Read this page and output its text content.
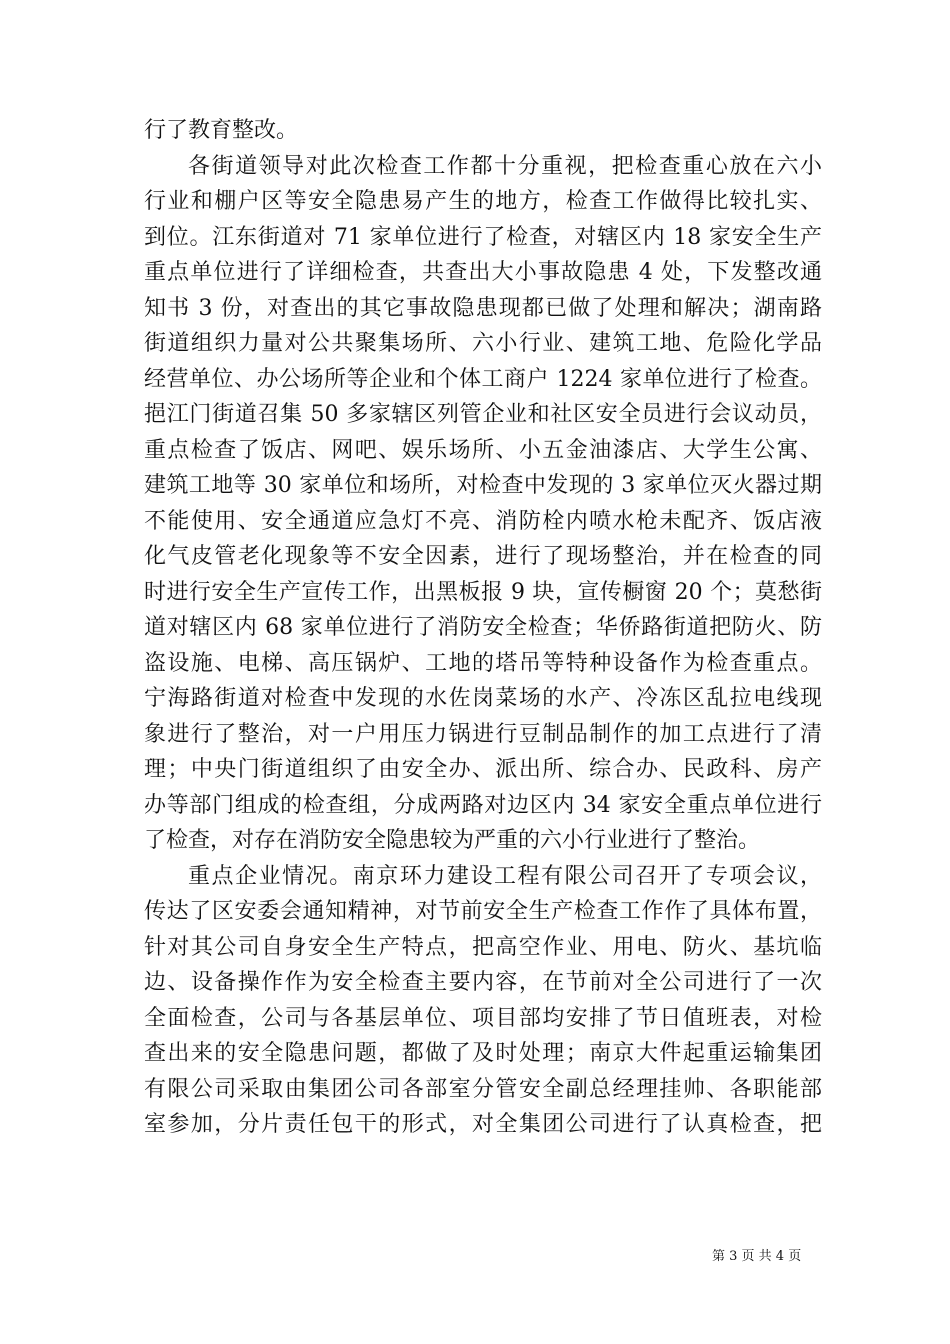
行了教育整改。
各街道领导对此次检查工作都十分重视，把检查重心放在六小
行业和棚户区等安全隐患易产生的地方，检查工作做得比较扎实、
到位。江东街道对 71 家单位进行了检查，对辖区内 18 家安全生产
重点单位进行了详细检查，共查出大小事故隐患 4 处，下发整改通
知书 3 份，对查出的其它事故隐患现都已做了处理和解决；湖南路
街道组织力量对公共聚集场所、六小行业、建筑工地、危险化学品
经营单位、办公场所等企业和个体工商户 1224 家单位进行了检查。
挹江门街道召集 50 多家辖区列管企业和社区安全员进行会议动员，
重点检查了饭店、网吧、娱乐场所、小五金油漆店、大学生公寓、
建筑工地等 30 家单位和场所，对检查中发现的 3 家单位灭火器过期
不能使用、安全通道应急灯不亮、消防栓内喷水枪未配齐、饭店液
化气皮管老化现象等不安全因素，进行了现场整治，并在检查的同
时进行安全生产宣传工作，出黑板报 9 块，宣传橱窗 20 个；莫愁街
道对辖区内 68 家单位进行了消防安全检查；华侨路街道把防火、防
盗设施、电梯、高压锅炉、工地的塔吊等特种设备作为检查重点。
宁海路街道对检查中发现的水佐岗菜场的水产、冷冻区乱拉电线现
象进行了整治，对一户用压力锅进行豆制品制作的加工点进行了清
理；中央门街道组织了由安全办、派出所、综合办、民政科、房产
办等部门组成的检查组，分成两路对边区内 34 家安全重点单位进行
了检查，对存在消防安全隐患较为严重的六小行业进行了整治。
重点企业情况。南京环力建设工程有限公司召开了专项会议，
传达了区安委会通知精神，对节前安全生产检查工作作了具体布置，
针对其公司自身安全生产特点，把高空作业、用电、防火、基坑临
边、设备操作作为安全检查主要内容，在节前对全公司进行了一次
全面检查，公司与各基层单位、项目部均安排了节日值班表，对检
查出来的安全隐患问题，都做了及时处理；南京大件起重运输集团
有限公司采取由集团公司各部室分管安全副总经理挂帅、各职能部
室参加，分片责任包干的形式，对全集团公司进行了认真检查，把
第 3 页 共 4 页
